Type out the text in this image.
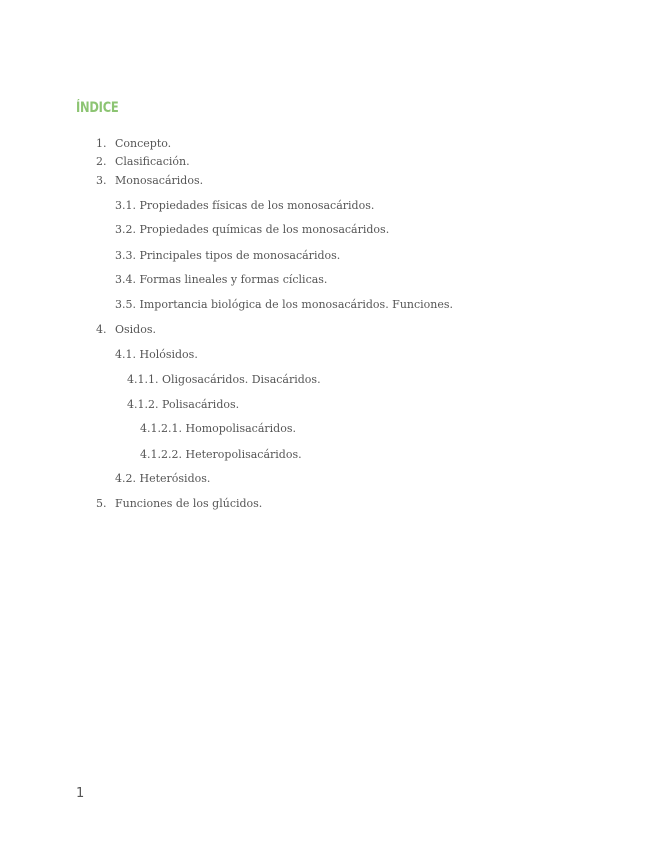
ÍNDICE
1. Concepto.
2. Clasificación.
3. Monosacáridos.
3.1. Propiedades físicas de los monosacáridos.
3.2. Propiedades químicas de los monosacáridos.
3.3. Principales tipos de monosacáridos.
3.4. Formas lineales y formas cíclicas.
3.5. Importancia biológica de los monosacáridos. Funciones.
4. Osidos.
4.1. Holósidos.
4.1.1. Oligosacáridos. Disacáridos.
4.1.2. Polisacáridos.
4.1.2.1. Homopolisacáridos.
4.1.2.2. Heteropolisacáridos.
4.2. Heterósidos.
5. Funciones de los glúcidos.
1
